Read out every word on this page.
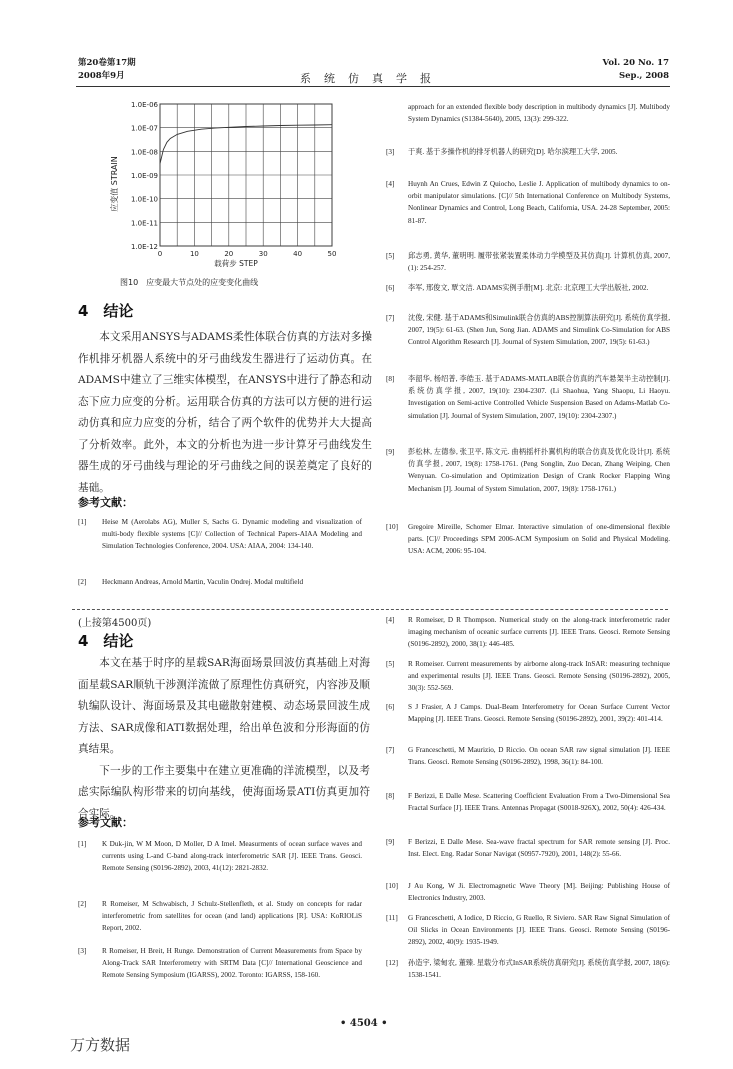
第20卷第17期
2008年9月	系　统　仿　真　学　报
Vol. 20 No. 17
Sep., 2008
1.0E-12
1.0E-11
1.0E-10
1.0E-09
1.0E-08
1.0E-07
1.0E-06
0	10	20	30	40	50
应变值 STRAIN
载荷步 STEP
图10　应变最大节点处的应变变化曲线
4　结论

本文采用ANSYS与ADAMS柔性体联合仿真的方法对多操作机排牙机器人系统中的牙弓曲线发生器进行了运动仿真。在ADAMS中建立了三维实体模型，在ANSYS中进行了静态和动态下应力应变的分析。运用联合仿真的方法可以方便的进行运动仿真和应力应变的分析，结合了两个软件的优势并大大提高了分析效率。此外，本文的分析也为进一步计算牙弓曲线发生器生成的牙弓曲线与理论的牙弓曲线之间的误差奠定了良好的基础。

参考文献：
[1]	Heise M (Aerolabs AG), Muller S, Sachs G. Dynamic modeling and visualization of multi-body flexible systems [C]// Collection of Technical Papers-AIAA Modeling and Simulation Technologies Conference, 2004. USA: AIAA, 2004: 134-140.
[2]	Heckmann Andreas, Arnold Martin, Vaculin Ondrej. Modal multifield
approach for an extended flexible body description in multibody dynamics [J]. Multibody System Dynamics (S1384-5640), 2005, 13(3): 299-322.
[3]	于爽. 基于多操作机的排牙机器人的研究[D]. 哈尔滨理工大学, 2005.
[4]	Huynh An Crues, Edwin Z Quiocho, Leslie J. Application of multibody dynamics to on-orbit manipulator simulations. [C]// 5th International Conference on Multibody Systems, Nonlinear Dynamics and Control, Long Beach, California, USA. 24-28 September, 2005: 81-87.
[5]	邱志勇, 黄华, 董明明. 履带张紧装置柔体动力学模型及其仿真[J]. 计算机仿真, 2007, (1): 254-257.
[6]	李军, 邢俊文, 覃文洁. ADAMS实例手册[M]. 北京: 北京理工大学出版社, 2002.
[7]	沈俊, 宋健. 基于ADAMS和Simulink联合仿真的ABS控制算法研究[J]. 系统仿真学报, 2007, 19(5): 61-63. (Shen Jun, Song Jian. ADAMS and Simulink Co-Simulation for ABS Control Algorithm Research [J]. Journal of System Simulation, 2007, 19(5): 61-63.)
[8]	李韶华, 杨绍普, 李皓玉. 基于ADAMS-MATLAB联合仿真的汽车悬架半主动控制[J]. 系统仿真学报, 2007, 19(10): 2304-2307. (Li Shaohua, Yang Shaopu, Li Haoyu. Investigation on Semi-active Controlled Vehicle Suspension Based on Adams-Matlab Co- simulation [J]. Journal of System Simulation, 2007, 19(10): 2304-2307.)
[9]	彭松林, 左德参, 张卫平, 陈文元. 曲柄摇杆扑翼机构的联合仿真及优化设计[J]. 系统仿真学报, 2007, 19(8): 1758-1761. (Peng Songlin, Zuo Decan, Zhang Weiping, Chen Wenyuan. Co-simulation and Optimization Design of Crank Rocker Flapping Wing Mechanism [J]. Journal of System Simulation, 2007, 19(8): 1758-1761.)
[10]	Gregoire Mireille, Schomer Elmar. Interactive simulation of one-dimensional flexible parts. [C]// Proceedings SPM 2006-ACM Symposium on Solid and Physical Modeling. USA: ACM, 2006: 95-104.
(上接第4500页)
4　结论

本文在基于时序的星载SAR海面场景回波仿真基础上对海面星载SAR顺轨干涉测洋流做了原理性仿真研究，内容涉及顺轨编队设计、海面场景及其电磁散射建模、动态场景回波生成方法、SAR成像和ATI数据处理，给出单色波和分形海面的仿真结果。

下一步的工作主要集中在建立更准确的洋流模型，以及考虑实际编队构形带来的切向基线，使海面场景ATI仿真更加符合实际。

参考文献：
[1]	K Duk-jin, W M Moon, D Moller, D A Imel. Measurments of ocean surface waves and currents using L-and C-band along-track interferometric SAR [J]. IEEE Trans. Geosci. Remote Sensing (S0196-2892), 2003, 41(12): 2821-2832.
[2]	R Romeiser, M Schwabisch, J Schulz-Stellenfleth, et al. Study on concepts for radar interferometric from satellites for ocean (and land) applications [R]. USA: KoRIOLiS Report, 2002.
[3]	R Romeiser, H Breit, H Runge. Demonstration of Current Measurements from Space by Along-Track SAR Interferometry with SRTM Data [C]// International Geoscience and Remote Sensing Symposium (IGARSS), 2002. Toronto: IGARSS, 158-160.
[4]	R Romeiser, D R Thompson. Numerical study on the along-track interferometric rader imaging mechanism of oceanic surface currents [J]. IEEE Trans. Geosci. Remote Sensing (S0196-2892), 2000, 38(1): 446-485.
[5]	R Romeiser. Current measurements by airborne along-track InSAR: measuring technique and experimental results [J]. IEEE Trans. Geosci. Remote Sensing (S0196-2892), 2005, 30(3): 552-569.
[6]	S J Frasier, A J Camps. Dual-Beam Interferometry for Ocean Surface Current Vector Mapping [J]. IEEE Trans. Geosci. Remote Sensing (S0196-2892), 2001, 39(2): 401-414.
[7]	G Franceschetti, M Maurizio, D Riccio. On ocean SAR raw signal simulation [J]. IEEE Trans. Geosci. Remote Sensing (S0196-2892), 1998, 36(1): 84-100.
[8]	F Berizzi, E Dalle Mese. Scattering Coefficient Evaluation From a Two-Dimensional Sea Fractal Surface [J]. IEEE Trans. Antennas Propagat (S0018-926X), 2002, 50(4): 426-434.
[9]	F Berizzi, E Dalle Mese. Sea-wave fractal spectrum for SAR remote sensing [J]. Proc. Inst. Elect. Eng. Radar Sonar Navigat (S0957-7920), 2001, 148(2): 55-66.
[10]	J Au Kong, W Ji. Electromagnetic Wave Theory [M]. Beijing: Publishing House of Electronics Industry, 2003.
[11]	G Franceschetti, A Iodice, D Riccio, G Ruello, R Siviero. SAR Raw Signal Simulation of Oil Slicks in Ocean Environments [J]. IEEE Trans. Geosci. Remote Sensing (S0196-2892), 2002, 40(9): 1935-1949.
[12]	孙造宇, 梁甸农, 董臻. 星载分布式InSAR系统仿真研究[J]. 系统仿真学报, 2007, 18(6): 1538-1541.
• 4504 •
万方数据
